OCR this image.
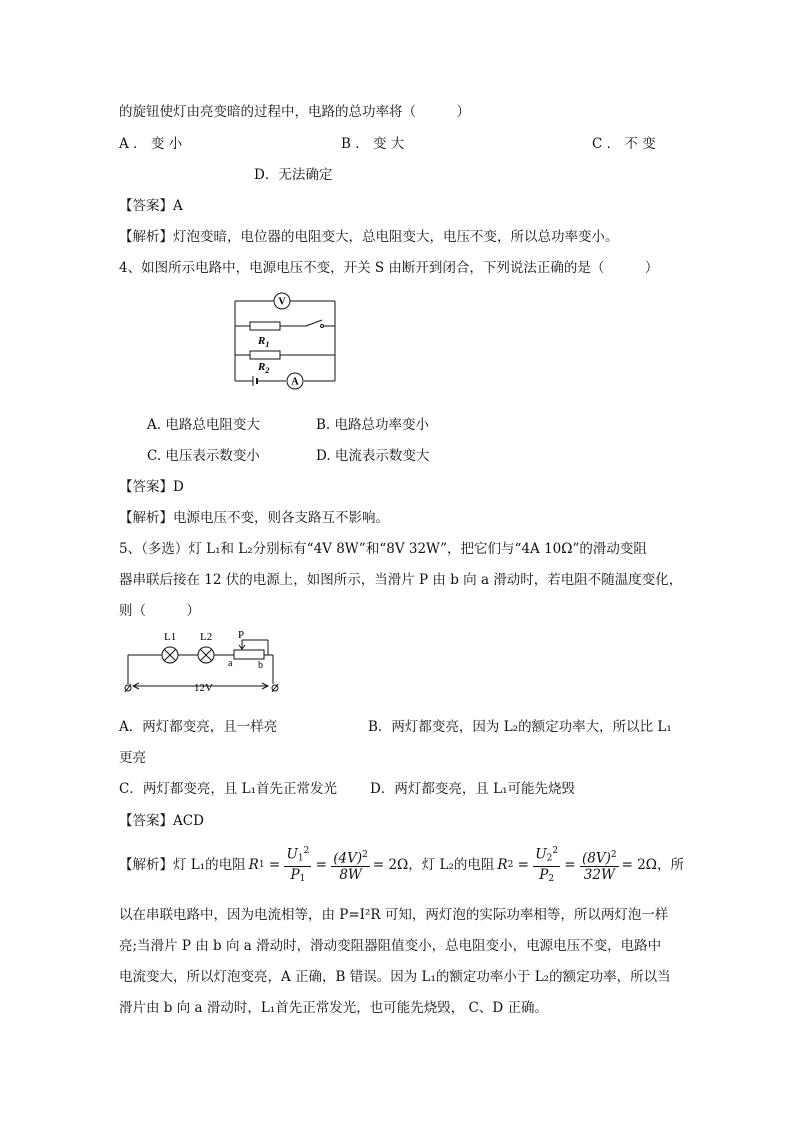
的旋钮使灯由亮变暗的过程中，电路的总功率将（　　　）
A ． 变 小	B ． 变 大	C ． 不 变
D．无法确定
【答案】A
【解析】灯泡变暗，电位器的电阻变大，总电阻变大，电压不变，所以总功率变小。
4、如图所示电路中，电源电压不变，开关 S 由断开到闭合，下列说法正确的是（　　　）
V
A
$R_1$
$R_2$
A. 电路总电阻变大	B. 电路总功率变小
C. 电压表示数变小	D. 电流表示数变大
【答案】D
【解析】电源电压不变，则各支路互不影响。
5、（多选）灯 L₁和 L₂分别标有“4V 8W”和“8V 32W”，把它们与“4A 10Ω”的滑动变阻
器串联后接在 12 伏的电源上，如图所示，当滑片 P 由 b 向 a 滑动时，若电阻不随温度变化，
则（　　　）
L1 L2 P
a	b
12V
A．两灯都变亮，且一样亮	B．两灯都变亮，因为 L₂的额定功率大，所以比 L₁
更亮
C．两灯都变亮，且 L₁首先正常发光 D．两灯都变亮，且 L₁可能先烧毁
【答案】ACD
【解析】灯 L₁的电阻 R $1 = \frac{U_1^2}{P_1} = \frac{(4V)^2}{8W} = 2\Omega$ ，灯 L₂的电阻 R $2 = \frac{U_2^2}{P_2} = \frac{(8V)^2}{32W} = 2\Omega$ ，所
以在串联电路中，因为电流相等，由 P=I²R 可知，两灯泡的实际功率相等，所以两灯泡一样
亮;当滑片 P 由 b 向 a 滑动时，滑动变阻器阻值变小，总电阻变小，电源电压不变，电路中
电流变大，所以灯泡变亮，A 正确，B 错误。因为 L₁的额定功率小于 L₂的额定功率，所以当
滑片由 b 向 a 滑动时，L₁首先正常发光，也可能先烧毁， C、D 正确。
